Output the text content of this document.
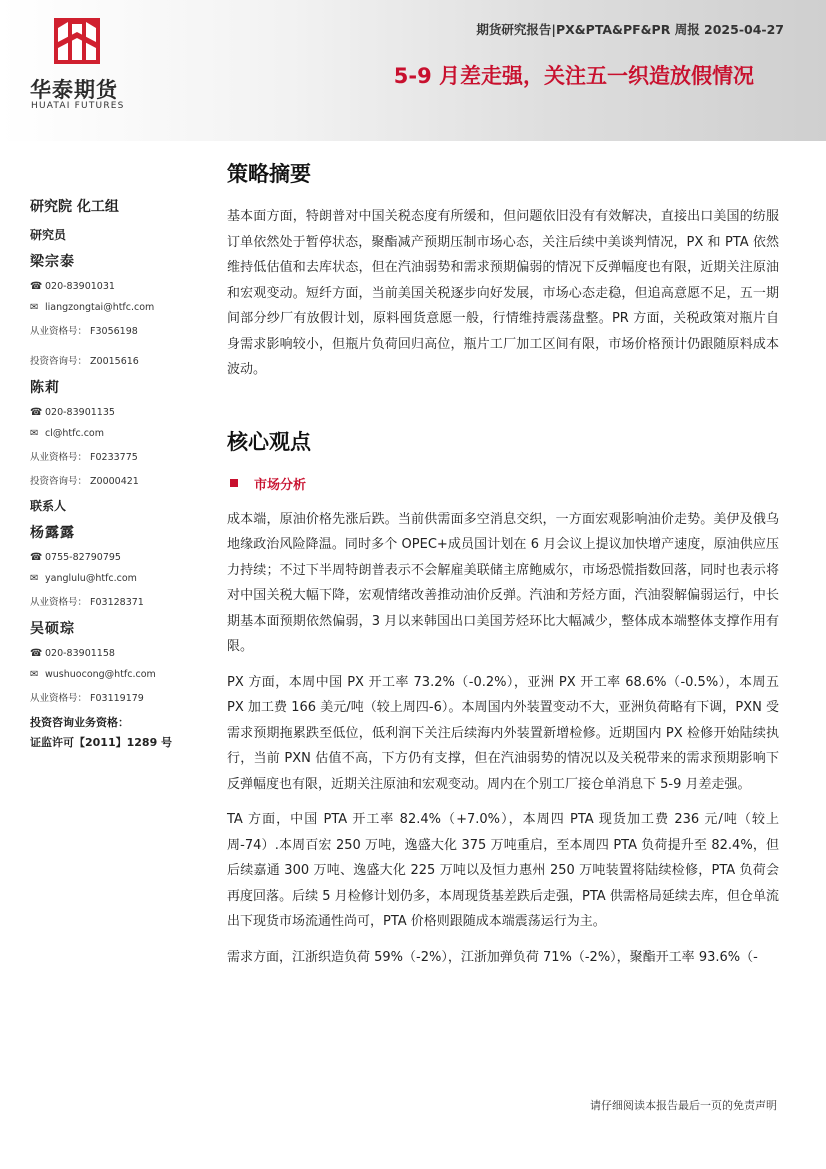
华泰期货
HUATAI FUTURES
期货研究报告|PX&PTA&PF&PR 周报 2025-04-27
5-9 月差走强，关注五一织造放假情况
研究院 化工组
研究员
梁宗泰
☎ 020-83901031
✉ liangzongtai@htfc.com
从业资格号： F3056198
投资咨询号： Z0015616
陈莉
☎ 020-83901135
✉ cl@htfc.com
从业资格号： F0233775
投资咨询号： Z0000421
联系人
杨露露
☎ 0755-82790795
✉ yanglulu@htfc.com
从业资格号： F03128371
吴硕琮
☎ 020-83901158
✉ wushuocong@htfc.com
从业资格号： F03119179
投资咨询业务资格：
证监许可【2011】1289 号
策略摘要

基本面方面，特朗普对中国关税态度有所缓和，但问题依旧没有有效解决，直接出口美国的纺服订单依然处于暂停状态，聚酯减产预期压制市场心态，关注后续中美谈判情况，PX 和 PTA 依然维持低估值和去库状态，但在汽油弱势和需求预期偏弱的情况下反弹幅度也有限，近期关注原油和宏观变动。短纤方面，当前美国关税逐步向好发展，市场心态走稳，但追高意愿不足，五一期间部分纱厂有放假计划，原料囤货意愿一般，行情维持震荡盘整。PR 方面，关税政策对瓶片自身需求影响较小，但瓶片负荷回归高位，瓶片工厂加工区间有限，市场价格预计仍跟随原料成本波动。

核心观点
市场分析

成本端，原油价格先涨后跌。当前供需面多空消息交织，一方面宏观影响油价走势。美伊及俄乌地缘政治风险降温。同时多个 OPEC+成员国计划在 6 月会议上提议加快增产速度，原油供应压力持续；不过下半周特朗普表示不会解雇美联储主席鲍威尔，市场恐慌指数回落，同时也表示将对中国关税大幅下降，宏观情绪改善推动油价反弹。汽油和芳烃方面，汽油裂解偏弱运行，中长期基本面预期依然偏弱，3 月以来韩国出口美国芳烃环比大幅减少，整体成本端整体支撑作用有限。

PX 方面，本周中国 PX 开工率 73.2%（-0.2%），亚洲 PX 开工率 68.6%（-0.5%），本周五 PX 加工费 166 美元/吨（较上周四-6）。本周国内外装置变动不大，亚洲负荷略有下调，PXN 受需求预期拖累跌至低位，低利润下关注后续海内外装置新增检修。近期国内 PX 检修开始陆续执行，当前 PXN 估值不高，下方仍有支撑，但在汽油弱势的情况以及关税带来的需求预期影响下反弹幅度也有限，近期关注原油和宏观变动。周内在个别工厂接仓单消息下 5-9 月差走强。

TA 方面，中国 PTA 开工率 82.4%（+7.0%），本周四 PTA 现货加工费 236 元/吨（较上周-74）.本周百宏 250 万吨，逸盛大化 375 万吨重启，至本周四 PTA 负荷提升至 82.4%，但后续嘉通 300 万吨、逸盛大化 225 万吨以及恒力惠州 250 万吨装置将陆续检修，PTA 负荷会再度回落。后续 5 月检修计划仍多，本周现货基差跌后走强，PTA 供需格局延续去库，但仓单流出下现货市场流通性尚可，PTA 价格则跟随成本端震荡运行为主。

需求方面，江浙织造负荷 59%（-2%），江浙加弹负荷 71%（-2%），聚酯开工率 93.6%（-

请仔细阅读本报告最后一页的免责声明
